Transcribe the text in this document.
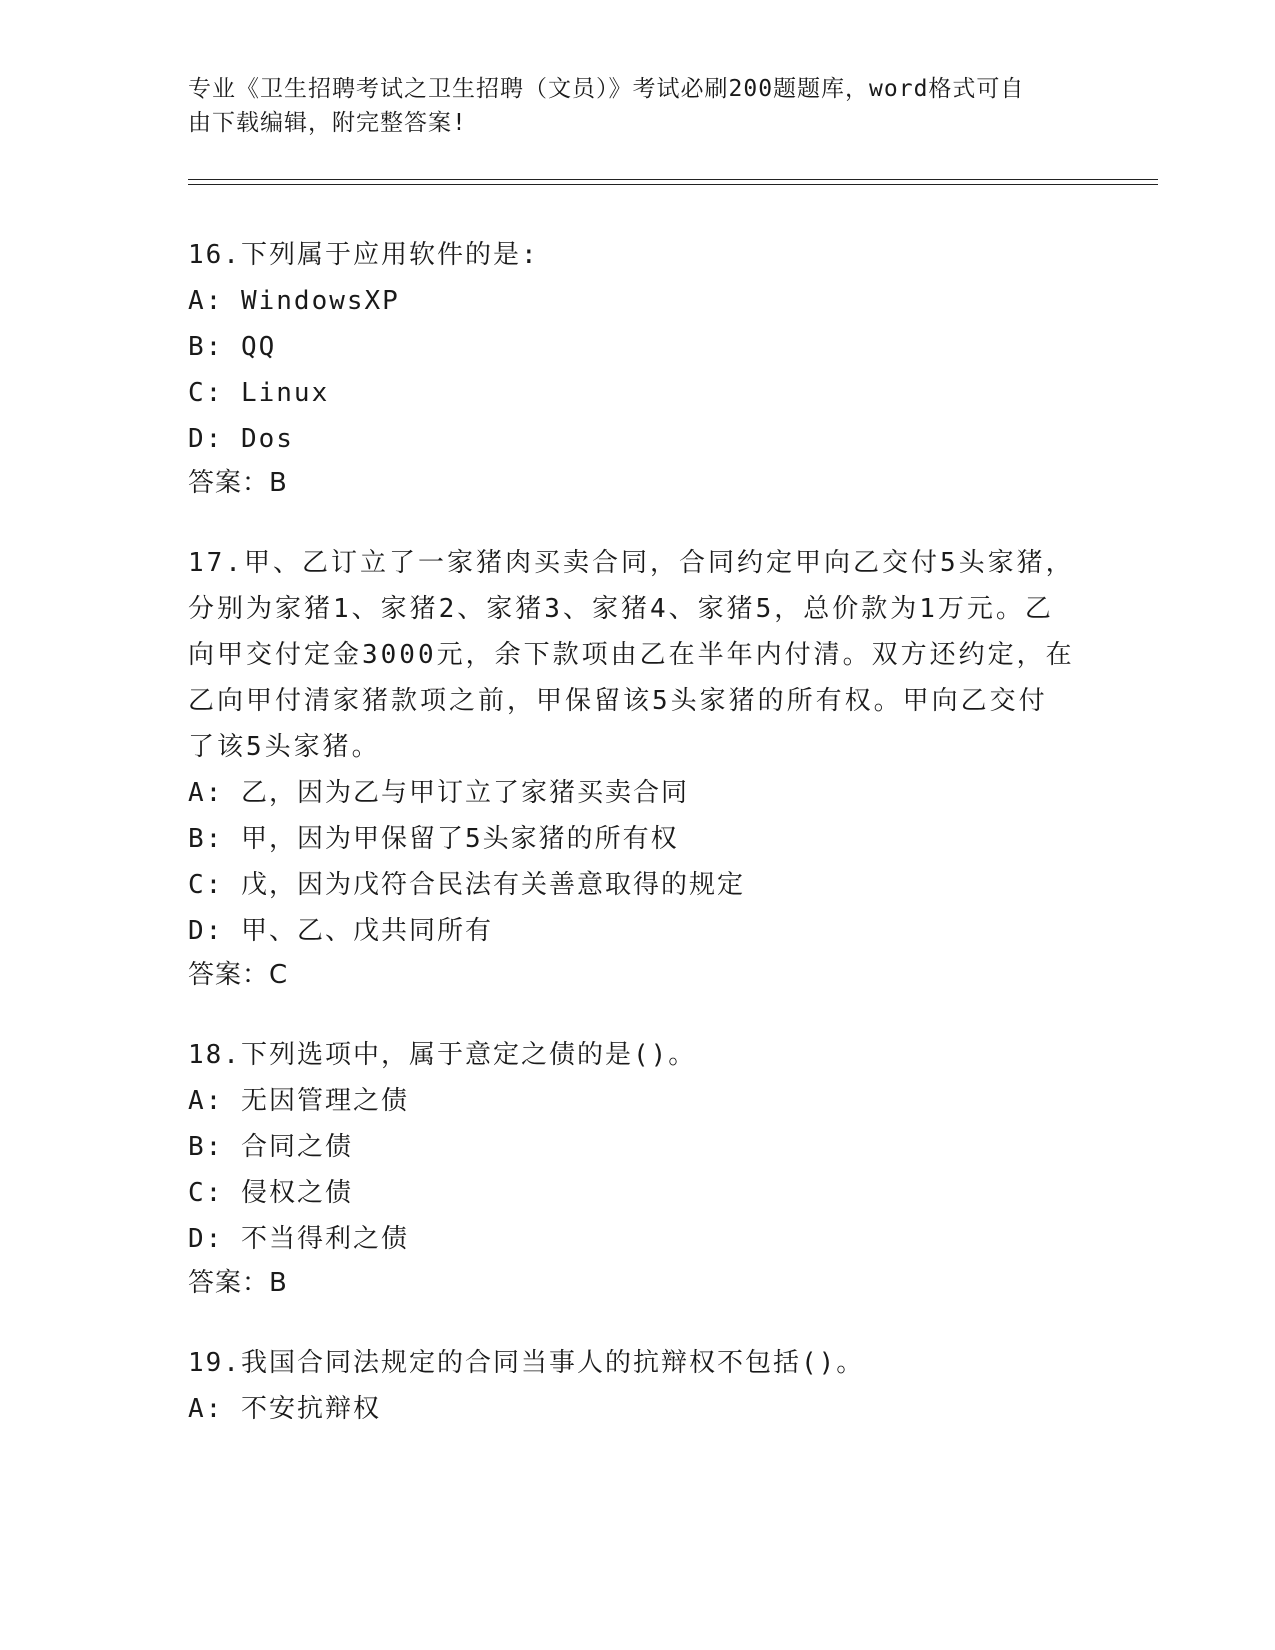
专业《卫生招聘考试之卫生招聘（文员）》考试必刷200题题库，word格式可自
由下载编辑，附完整答案!
16.下列属于应用软件的是:
A: WindowsXP
B: QQ
C: Linux
D: Dos
答案：B
17.甲、乙订立了一家猪肉买卖合同，合同约定甲向乙交付5头家猪，
分别为家猪1、家猪2、家猪3、家猪4、家猪5，总价款为1万元。乙
向甲交付定金3000元，余下款项由乙在半年内付清。双方还约定，在
乙向甲付清家猪款项之前，甲保留该5头家猪的所有权。甲向乙交付
了该5头家猪。
A: 乙，因为乙与甲订立了家猪买卖合同
B: 甲，因为甲保留了5头家猪的所有权
C: 戊，因为戊符合民法有关善意取得的规定
D: 甲、乙、戊共同所有
答案：C
18.下列选项中，属于意定之债的是()。
A: 无因管理之债
B: 合同之债
C: 侵权之债
D: 不当得利之债
答案：B
19.我国合同法规定的合同当事人的抗辩权不包括()。
A: 不安抗辩权
